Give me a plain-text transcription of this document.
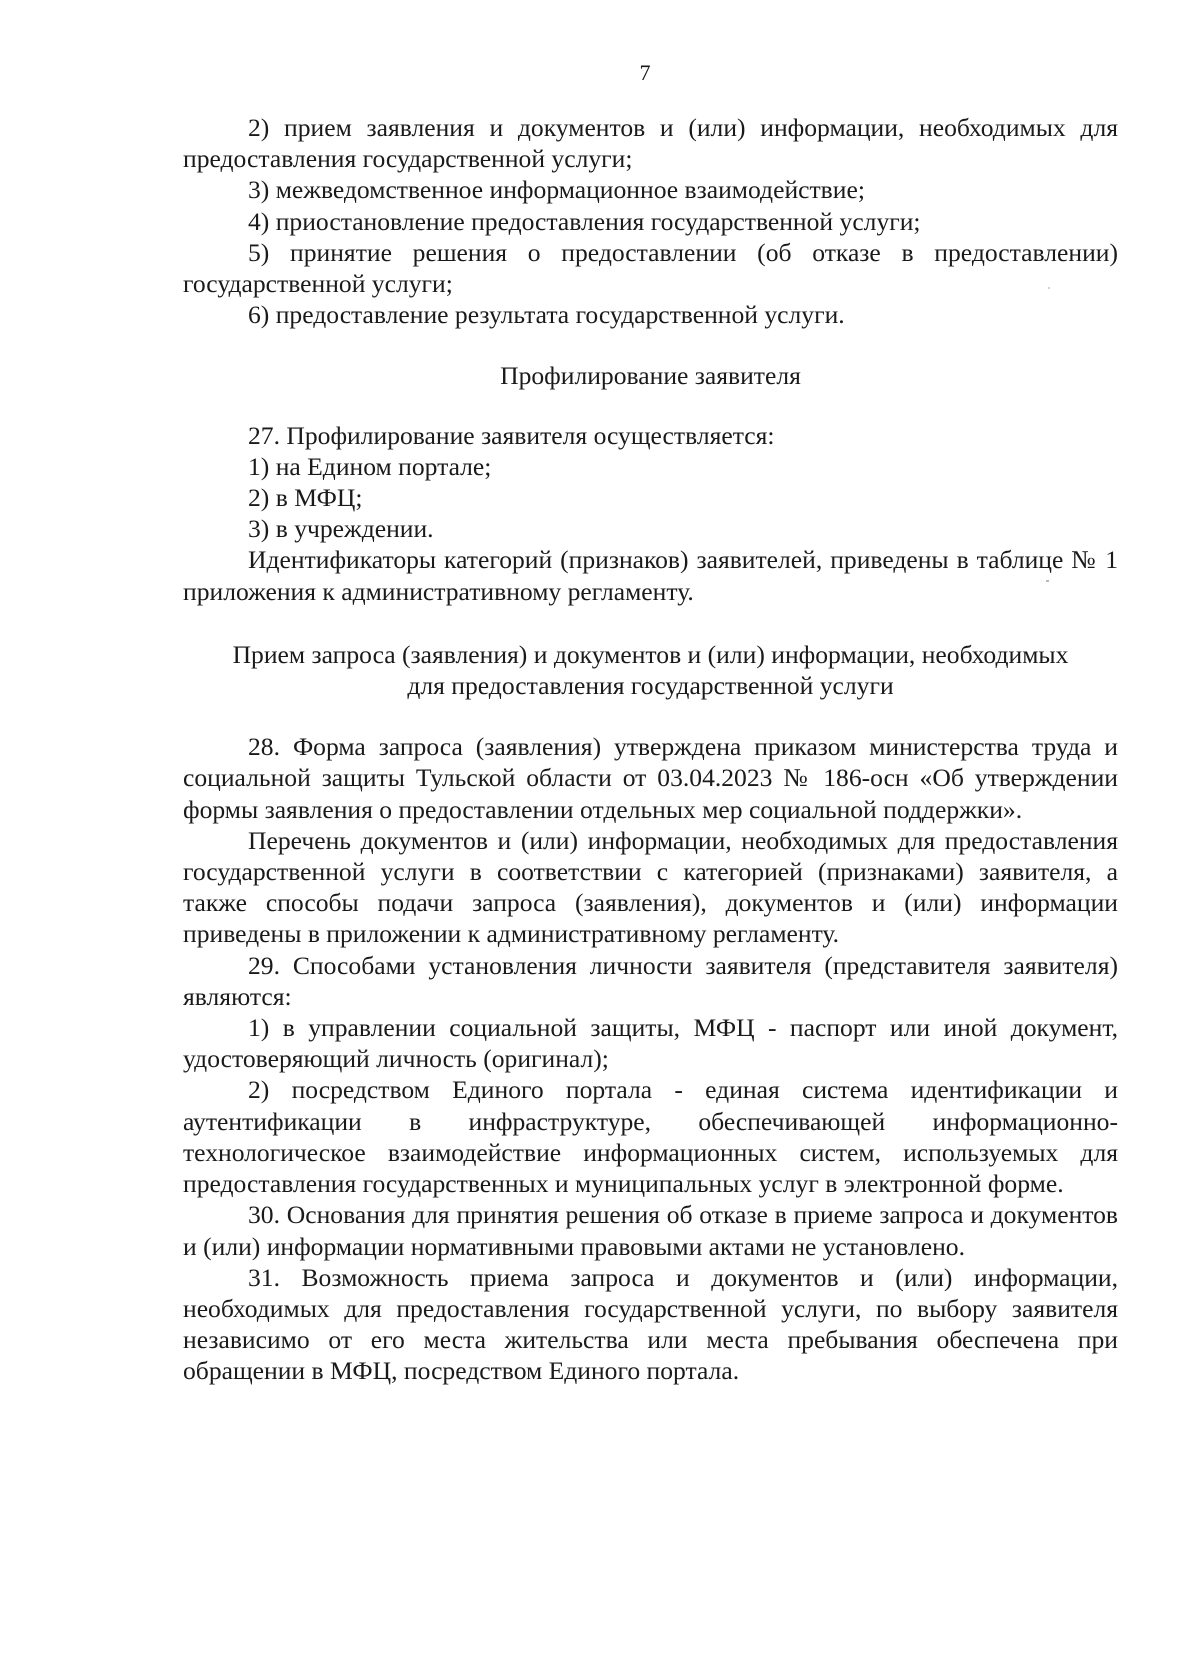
7

2) прием заявления и документов и (или) информации, необходимых для предоставления государственной услуги;

3) межведомственное информационное взаимодействие;

4) приостановление предоставления государственной услуги;

5) принятие решения о предоставлении (об отказе в предоставлении) государственной услуги;

6) предоставление результата государственной услуги.

Профилирование заявителя

27. Профилирование заявителя осуществляется:

1) на Едином портале;

2) в МФЦ;

3) в учреждении.

Идентификаторы категорий (признаков) заявителей, приведены в таблице № 1 приложения к административному регламенту.

Прием запроса (заявления) и документов и (или) информации, необходимых
для предоставления государственной услуги

28. Форма запроса (заявления) утверждена приказом министерства труда и социальной защиты Тульской области от 03.04.2023 № 186-осн «Об утверждении формы заявления о предоставлении отдельных мер социальной поддержки».

Перечень документов и (или) информации, необходимых для предоставления государственной услуги в соответствии с категорией (признаками) заявителя, а также способы подачи запроса (заявления), документов и (или) информации приведены в приложении к административному регламенту.

29. Способами установления личности заявителя (представителя заявителя) являются:

1) в управлении социальной защиты, МФЦ - паспорт или иной документ, удостоверяющий личность (оригинал);

2) посредством Единого портала - единая система идентификации и аутентификации в инфраструктуре, обеспечивающей информационно-технологическое взаимодействие информационных систем, используемых для предоставления государственных и муниципальных услуг в электронной форме.

30. Основания для принятия решения об отказе в приеме запроса и документов и (или) информации нормативными правовыми актами не установлено.

31. Возможность приема запроса и документов и (или) информации, необходимых для предоставления государственной услуги, по выбору заявителя независимо от его места жительства или места пребывания обеспечена при обращении в МФЦ, посредством Единого портала.
